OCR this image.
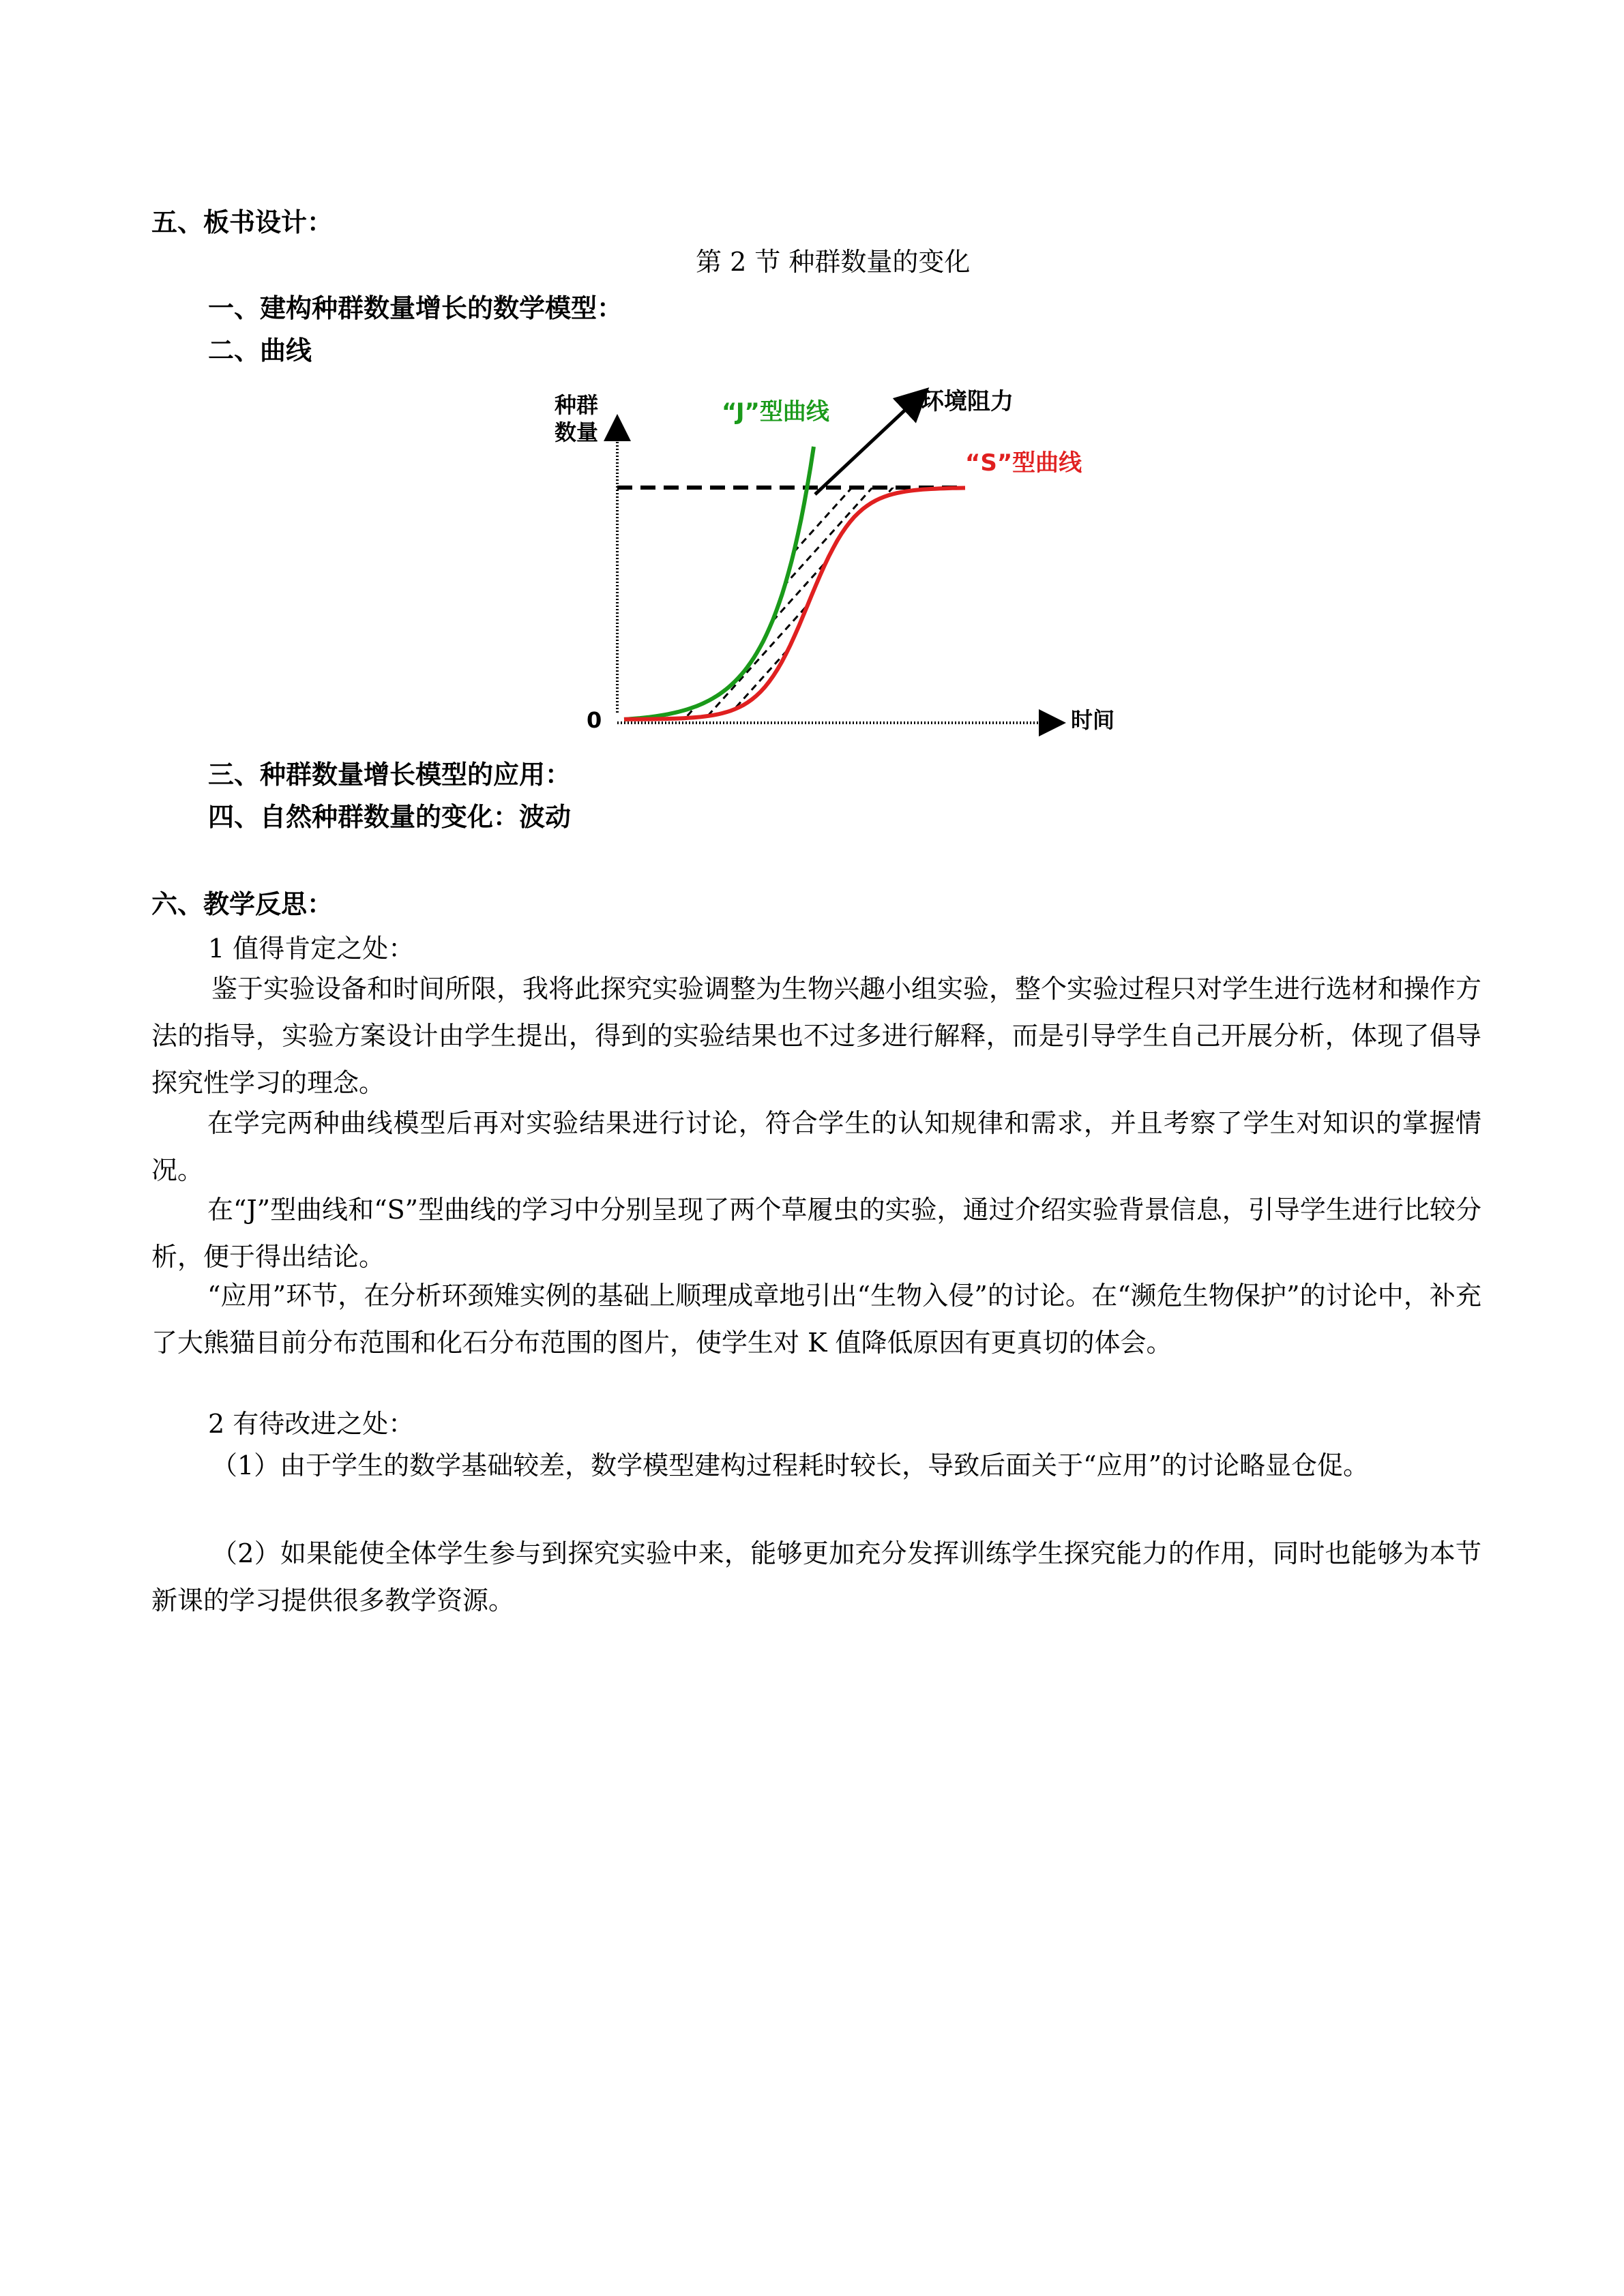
五、板书设计：
第 2 节 种群数量的变化
一、建构种群数量增长的数学模型：
二、曲线
种群
数量
0	时间
“J”型曲线	环境阻力
“S”型曲线
三、种群数量增长模型的应用：
四、自然种群数量的变化：波动
六、教学反思：
1 值得肯定之处：
鉴于实验设备和时间所限，我将此探究实验调整为生物兴趣小组实验，整个实验过程只对学生进行选材和操作方法的指导，实验方案设计由学生提出，得到的实验结果也不过多进行解释，而是引导学生自己开展分析，体现了倡导探究性学习的理念。
在学完两种曲线模型后再对实验结果进行讨论，符合学生的认知规律和需求，并且考察了学生对知识的掌握情况。
在“J”型曲线和“S”型曲线的学习中分别呈现了两个草履虫的实验，通过介绍实验背景信息，引导学生进行比较分析，便于得出结论。
“应用”环节，在分析环颈雉实例的基础上顺理成章地引出“生物入侵”的讨论。在“濒危生物保护”的讨论中，补充了大熊猫目前分布范围和化石分布范围的图片，使学生对 K 值降低原因有更真切的体会。
2 有待改进之处：
（1）由于学生的数学基础较差，数学模型建构过程耗时较长，导致后面关于“应用”的讨论略显仓促。
（2）如果能使全体学生参与到探究实验中来，能够更加充分发挥训练学生探究能力的作用，同时也能够为本节新课的学习提供很多教学资源。
